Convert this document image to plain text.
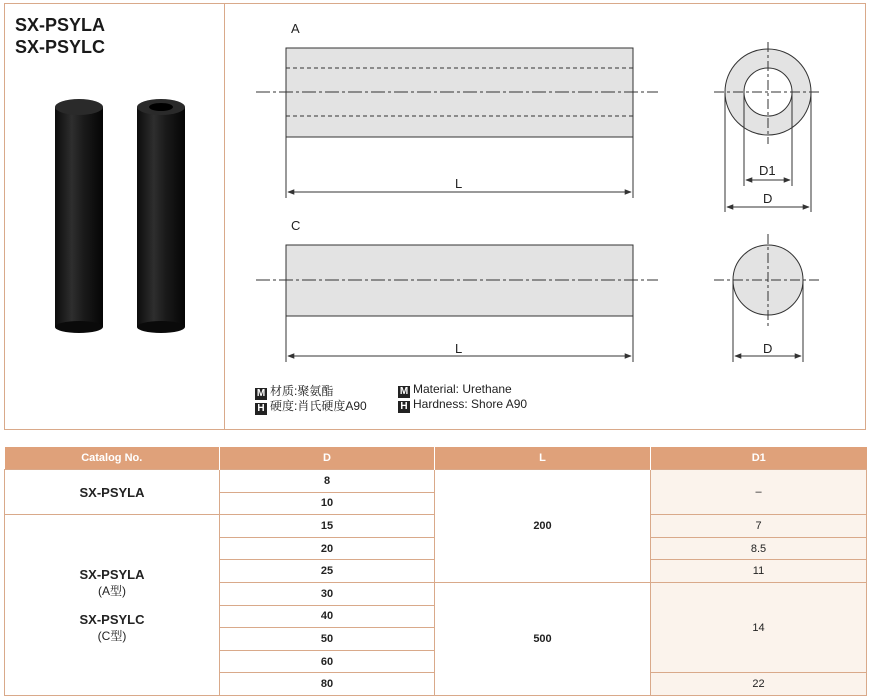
SX-PSYLA
SX-PSYLC
A
L
D1
D
C
L	D
M 材质:聚氨酯
H 硬度:肖氏硬度A90
M Material: Urethane
H Hardness: Shore A90
Catalog No.	D	L	D1
SX-PSYLA	8	200	–
	10		
SX-PSYLA
(A型)
SX-PSYLC
(C型)	15		7
	20		8.5
	25		11
	30	500	14
	40		
	50		
	60		
	80		22
